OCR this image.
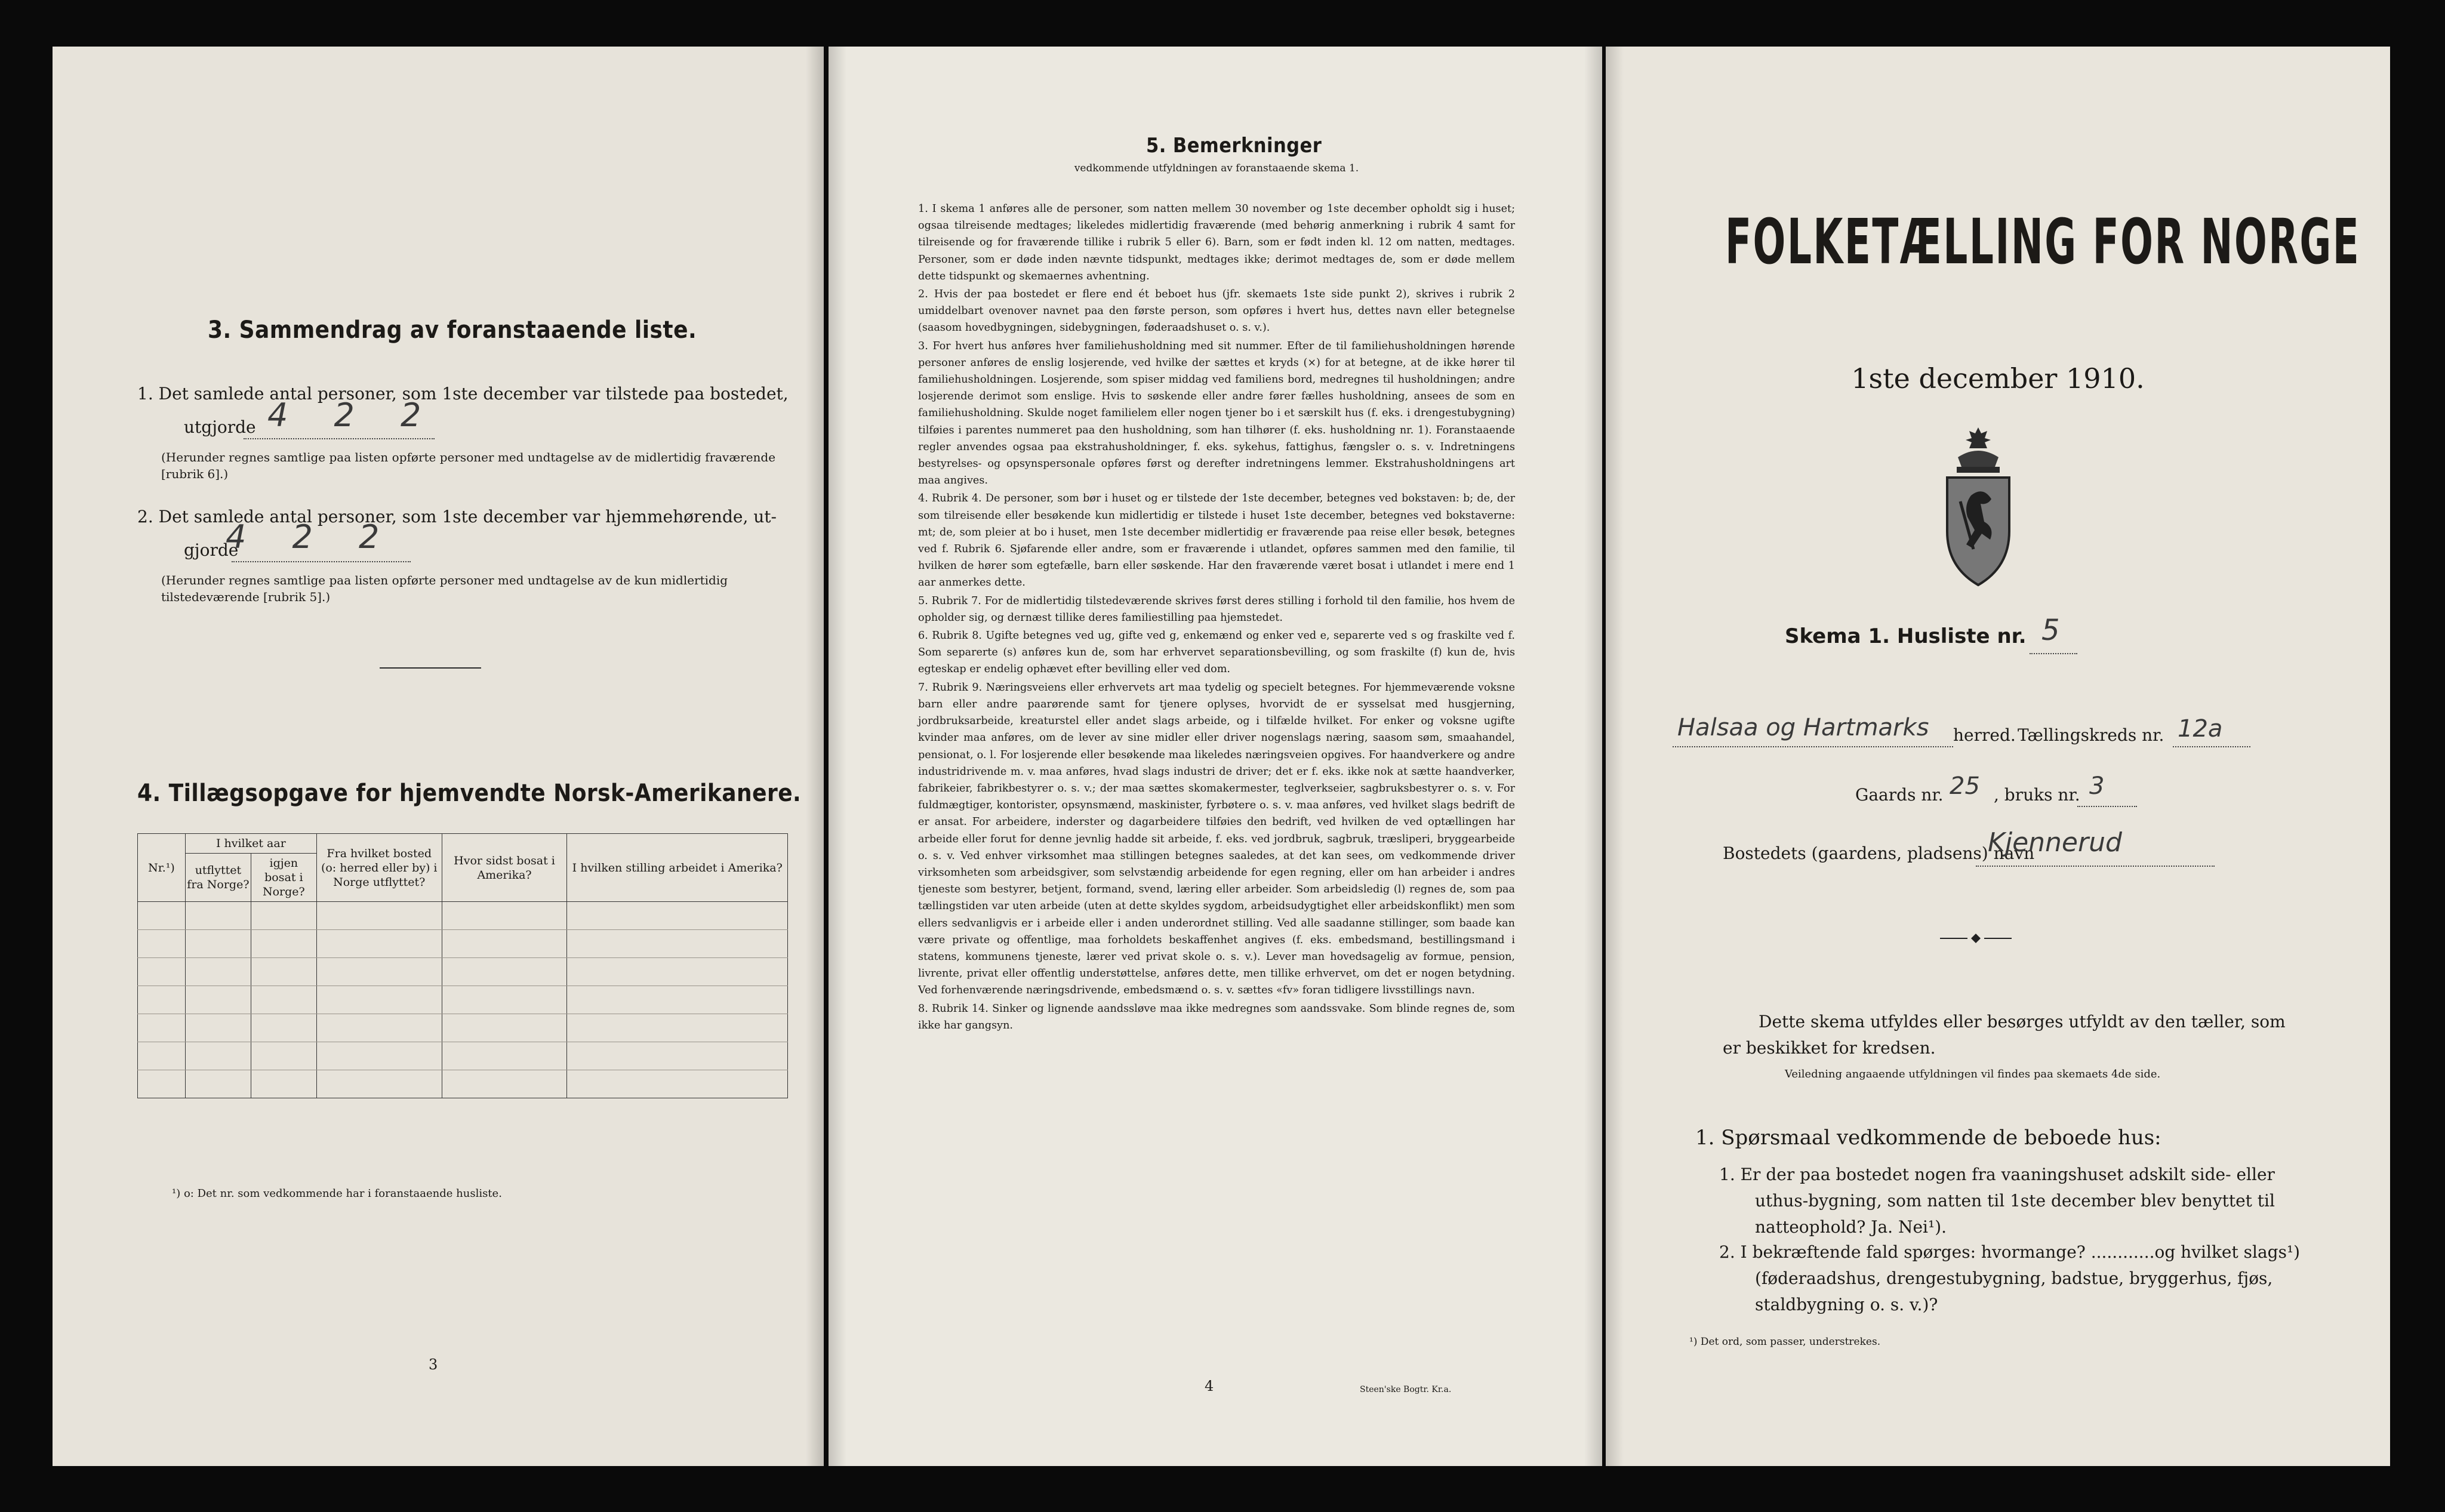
3. Sammendrag av foranstaaende liste.
1. Det samlede antal personer, som 1ste december var tilstede paa bostedet,
utgjorde 4 2 2
(Herunder regnes samtlige paa listen opførte personer med undtagelse av de midlertidig fraværende [rubrik 6].)
2. Det samlede antal personer, som 1ste december var hjemmehørende, ut-
gjorde
4 2 2
(Herunder regnes samtlige paa listen opførte personer med undtagelse av de kun midlertidig tilstedeværende [rubrik 5].)
4. Tillægsopgave for hjemvendte Norsk-Amerikanere.
Nr.¹)	I hvilket aar		Fra hvilket bosted (o: herred eller by) i Norge utflyttet?	Hvor sidst bosat i Amerika?	I hvilken stilling arbeidet i Amerika?
	utflyttet fra Norge?	igjen bosat i Norge?			

¹) o: Det nr. som vedkommende har i foranstaaende husliste.
3
5. Bemerkninger
vedkommende utfyldningen av foranstaaende skema 1.
1. I skema 1 anføres alle de personer, som natten mellem 30 november og 1ste december opholdt sig i huset; ogsaa tilreisende medtages; likeledes midlertidig fraværende (med behørig anmerkning i rubrik 4 samt for tilreisende og for fraværende tillike i rubrik 5 eller 6). Barn, som er født inden kl. 12 om natten, medtages. Personer, som er døde inden nævnte tidspunkt, medtages ikke; derimot medtages de, som er døde mellem dette tidspunkt og skemaernes avhentning.
2. Hvis der paa bostedet er flere end ét beboet hus (jfr. skemaets 1ste side punkt 2), skrives i rubrik 2 umiddelbart ovenover navnet paa den første person, som opføres i hvert hus, dettes navn eller betegnelse (saasom hovedbygningen, sidebygningen, føderaadshuset o. s. v.).
3. For hvert hus anføres hver familiehusholdning med sit nummer. Efter de til familiehusholdningen hørende personer anføres de enslig losjerende, ved hvilke der sættes et kryds (×) for at betegne, at de ikke hører til familiehusholdningen. Losjerende, som spiser middag ved familiens bord, medregnes til husholdningen; andre losjerende derimot som enslige. Hvis to søskende eller andre fører fælles husholdning, ansees de som en familiehusholdning. Skulde noget familielem eller nogen tjener bo i et særskilt hus (f. eks. i drengestubygning) tilføies i parentes nummeret paa den husholdning, som han tilhører (f. eks. husholdning nr. 1). Foranstaaende regler anvendes ogsaa paa ekstrahusholdninger, f. eks. sykehus, fattighus, fængsler o. s. v. Indretningens bestyrelses- og opsynspersonale opføres først og derefter indretningens lemmer. Ekstrahusholdningens art maa angives.
4. Rubrik 4. De personer, som bør i huset og er tilstede der 1ste december, betegnes ved bokstaven: b; de, der som tilreisende eller besøkende kun midlertidig er tilstede i huset 1ste december, betegnes ved bokstaverne: mt; de, som pleier at bo i huset, men 1ste december midlertidig er fraværende paa reise eller besøk, betegnes ved f. Rubrik 6. Sjøfarende eller andre, som er fraværende i utlandet, opføres sammen med den familie, til hvilken de hører som egtefælle, barn eller søskende. Har den fraværende været bosat i utlandet i mere end 1 aar anmerkes dette.
5. Rubrik 7. For de midlertidig tilstedeværende skrives først deres stilling i forhold til den familie, hos hvem de opholder sig, og dernæst tillike deres familiestilling paa hjemstedet.
6. Rubrik 8. Ugifte betegnes ved ug, gifte ved g, enkemænd og enker ved e, separerte ved s og fraskilte ved f. Som separerte (s) anføres kun de, som har erhvervet separationsbevilling, og som fraskilte (f) kun de, hvis egteskap er endelig ophævet efter bevilling eller ved dom.
7. Rubrik 9. Næringsveiens eller erhvervets art maa tydelig og specielt betegnes. For hjemmeværende voksne barn eller andre paarørende samt for tjenere oplyses, hvorvidt de er sysselsat med husgjerning, jordbruksarbeide, kreaturstel eller andet slags arbeide, og i tilfælde hvilket. For enker og voksne ugifte kvinder maa anføres, om de lever av sine midler eller driver nogenslags næring, saasom søm, smaahandel, pensionat, o. l. For losjerende eller besøkende maa likeledes næringsveien opgives. For haandverkere og andre industridrivende m. v. maa anføres, hvad slags industri de driver; det er f. eks. ikke nok at sætte haandverker, fabrikeier, fabrikbestyrer o. s. v.; der maa sættes skomakermester, teglverkseier, sagbruksbestyrer o. s. v. For fuldmægtiger, kontorister, opsynsmænd, maskinister, fyrbøtere o. s. v. maa anføres, ved hvilket slags bedrift de er ansat. For arbeidere, inderster og dagarbeidere tilføies den bedrift, ved hvilken de ved optællingen har arbeide eller forut for denne jevnlig hadde sit arbeide, f. eks. ved jordbruk, sagbruk, træsliperi, bryggearbeide o. s. v. Ved enhver virksomhet maa stillingen betegnes saaledes, at det kan sees, om vedkommende driver virksomheten som arbeidsgiver, som selvstændig arbeidende for egen regning, eller om han arbeider i andres tjeneste som bestyrer, betjent, formand, svend, læring eller arbeider. Som arbeidsledig (l) regnes de, som paa tællingstiden var uten arbeide (uten at dette skyldes sygdom, arbeidsudygtighet eller arbeidskonflikt) men som ellers sedvanligvis er i arbeide eller i anden underordnet stilling. Ved alle saadanne stillinger, som baade kan være private og offentlige, maa forholdets beskaffenhet angives (f. eks. embedsmand, bestillingsmand i statens, kommunens tjeneste, lærer ved privat skole o. s. v.). Lever man hovedsagelig av formue, pension, livrente, privat eller offentlig understøttelse, anføres dette, men tillike erhvervet, om det er nogen betydning. Ved forhenværende næringsdrivende, embedsmænd o. s. v. sættes «fv» foran tidligere livsstillings navn.
8. Rubrik 14. Sinker og lignende aandssløve maa ikke medregnes som aandssvake. Som blinde regnes de, som ikke har gangsyn.
4	Steen'ske Bogtr. Kr.a.
FOLKETÆLLING FOR NORGE
1ste december 1910.
Skema 1. Husliste nr. 5
Halsaa og Hartmarks herred. Tællingskreds nr. 12a
Gaards nr. 25 , bruks nr. 3
Bostedets (gaardens, pladsens) navn
Kjennerud
Dette skema utfyldes eller besørges utfyldt av den tæller, som er beskikket for kredsen.
Veiledning angaaende utfyldningen vil findes paa skemaets 4de side.
1. Spørsmaal vedkommende de beboede hus:
1. Er der paa bostedet nogen fra vaaningshuset adskilt side- eller uthus-bygning, som natten til 1ste december blev benyttet til natteophold? Ja. Nei¹).
2. I bekræftende fald spørges: hvormange? ............og hvilket slags¹) (føderaadshus, drengestubygning, badstue, bryggerhus, fjøs, staldbygning o. s. v.)?
¹) Det ord, som passer, understrekes.
